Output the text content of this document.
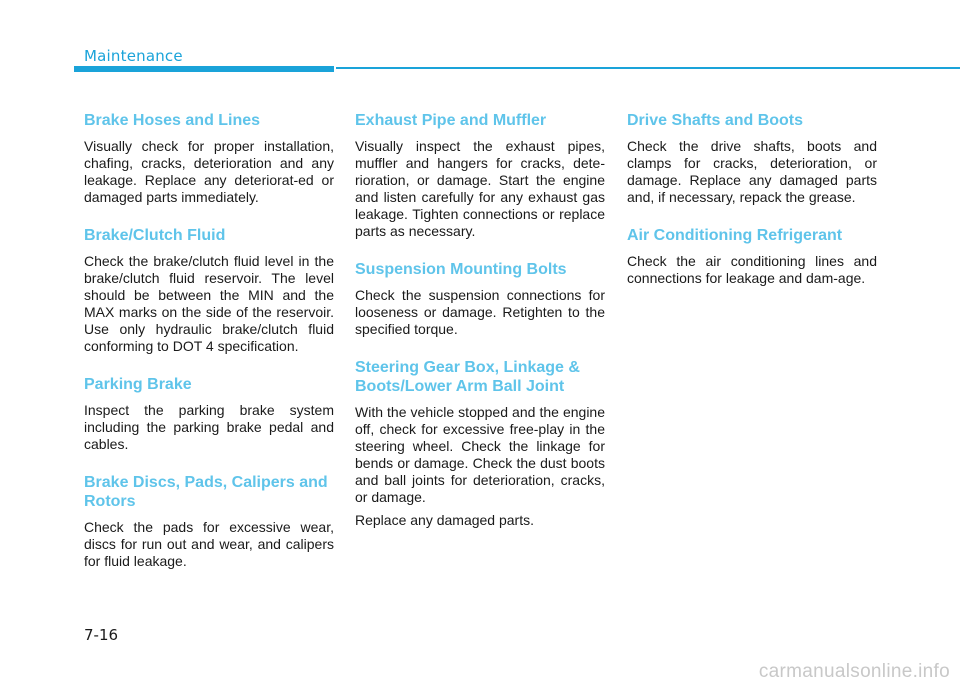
Maintenance
Brake Hoses and Lines

Visually check for proper installation, chafing, cracks, deterioration and any leakage. Replace any deteriorat-ed or damaged parts immediately.

Brake/Clutch Fluid

Check the brake/clutch fluid level in the brake/clutch fluid reservoir. The level should be between the MIN and the MAX marks on the side of the reservoir. Use only hydraulic brake/clutch fluid conforming to DOT 4 specification.

Parking Brake

Inspect the parking brake system including the parking brake pedal and cables.

Brake Discs, Pads, Calipers and Rotors

Check the pads for excessive wear, discs for run out and wear, and calipers for fluid leakage.

Exhaust Pipe and Muffler

Visually inspect the exhaust pipes, muffler and hangers for cracks, dete-rioration, or damage. Start the engine and listen carefully for any exhaust gas leakage. Tighten connections or replace parts as necessary.

Suspension Mounting Bolts

Check the suspension connections for looseness or damage. Retighten to the specified torque.

Steering Gear Box, Linkage & Boots/Lower Arm Ball Joint

With the vehicle stopped and the engine off, check for excessive free-play in the steering wheel. Check the linkage for bends or damage. Check the dust boots and ball joints for deterioration, cracks, or damage.

Replace any damaged parts.

Drive Shafts and Boots

Check the drive shafts, boots and clamps for cracks, deterioration, or damage. Replace any damaged parts and, if necessary, repack the grease.

Air Conditioning Refrigerant

Check the air conditioning lines and connections for leakage and dam-age.

7-16
carmanualsonline.info
